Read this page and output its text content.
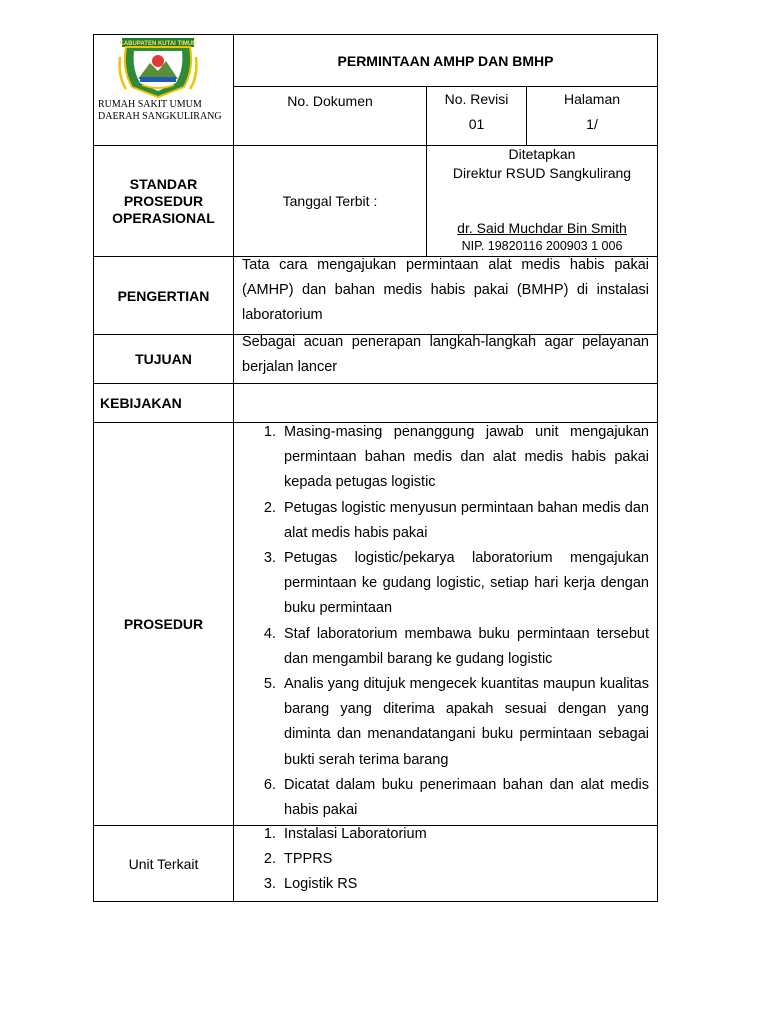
KABUPATEN KUTAI TIMUR
RUMAH SAKIT UMUM
DAERAH SANGKULIRANG
PERMINTAAN AMHP DAN BMHP
No. Dokumen	No. Revisi
01
Halaman
1/
STANDAR
PROSEDUR
OPERASIONAL
Tanggal Terbit :
Ditetapkan
Direktur RSUD Sangkulirang
dr. Said Muchdar Bin Smith
NIP. 19820116 200903 1 006
PENGERTIAN
Tata cara mengajukan permintaan alat medis habis pakai (AMHP) dan bahan medis habis pakai (BMHP) di instalasi laboratorium
TUJUAN
Sebagai acuan penerapan langkah-langkah agar pelayanan berjalan lancer
KEBIJAKAN
PROSEDUR
1. Masing-masing penanggung jawab unit mengajukan permintaan bahan medis dan alat medis habis pakai kepada petugas logistic
2. Petugas logistic menyusun permintaan bahan medis dan alat medis habis pakai
3. Petugas logistic/pekarya laboratorium mengajukan permintaan ke gudang logistic, setiap hari kerja dengan buku permintaan
4. Staf laboratorium membawa buku permintaan tersebut dan mengambil barang ke gudang logistic
5. Analis yang ditujuk mengecek kuantitas maupun kualitas barang yang diterima apakah sesuai dengan yang diminta dan menandatangani buku permintaan sebagai bukti serah terima barang
6. Dicatat dalam buku penerimaan bahan dan alat medis habis pakai
Unit Terkait
1. Instalasi Laboratorium
2. TPPRS
3. Logistik RS
